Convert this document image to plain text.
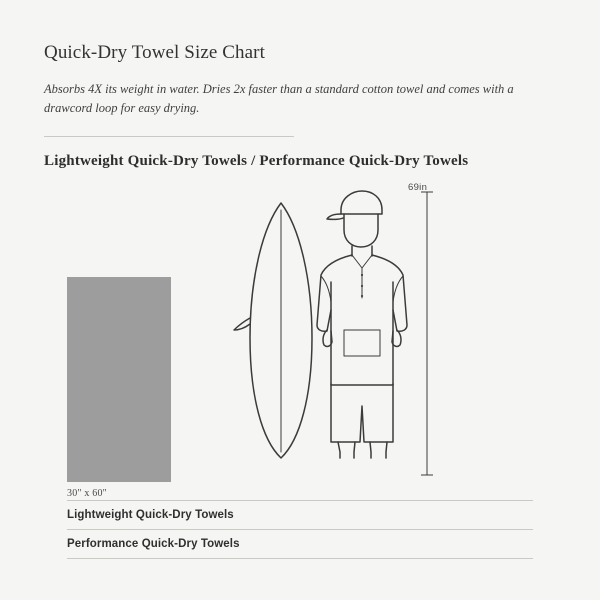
Quick-Dry Towel Size Chart

Absorbs 4X its weight in water. Dries 2x faster than a standard cotton towel and comes with a drawcord loop for easy drying.

Lightweight Quick-Dry Towels / Performance Quick-Dry Towels
30" x 60"
69in
Lightweight Quick-Dry Towels
Performance Quick-Dry Towels
